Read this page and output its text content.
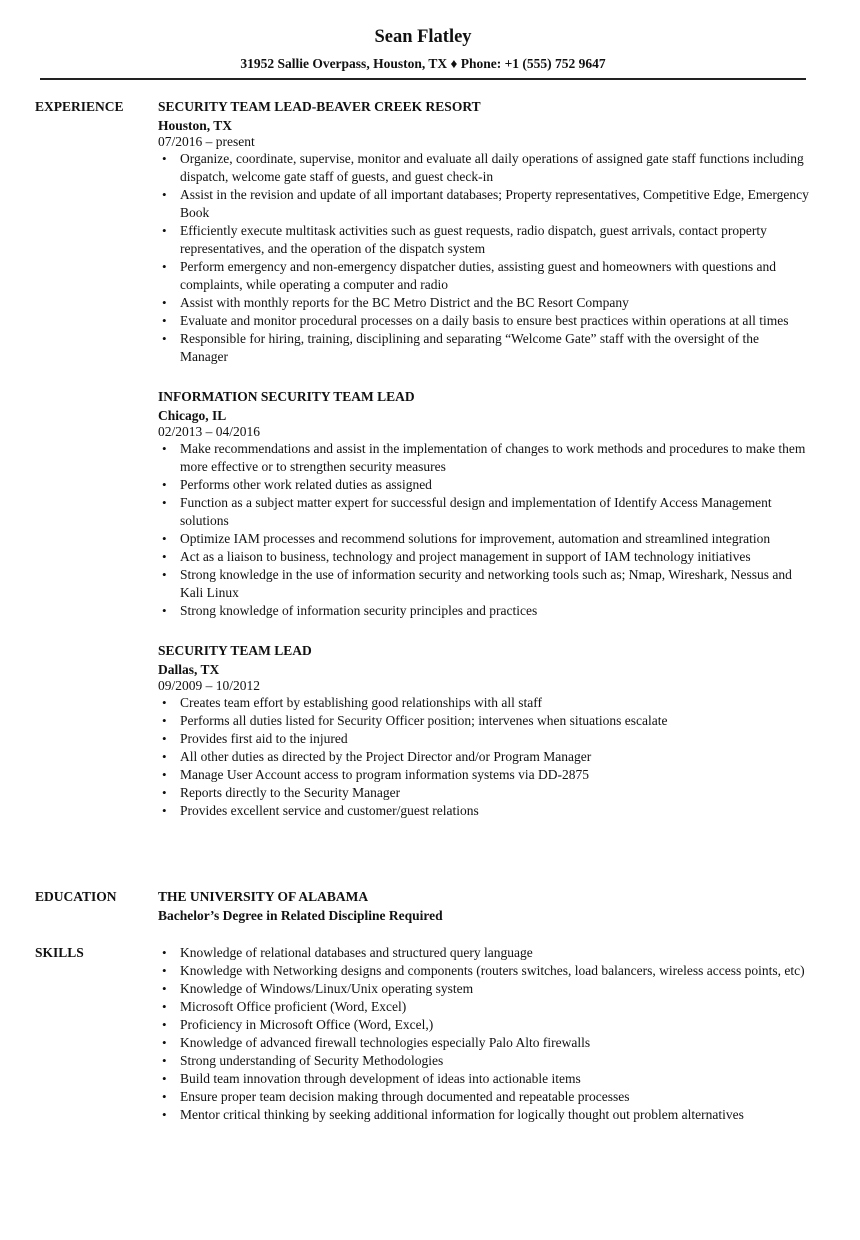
Sean Flatley
31952 Sallie Overpass, Houston, TX ♦ Phone: +1 (555) 752 9647
EXPERIENCE	SECURITY TEAM LEAD-BEAVER CREEK RESORT
Houston, TX
07/2016 – present
• Organize, coordinate, supervise, monitor and evaluate all daily operations of assigned gate staff functions including dispatch, welcome gate staff of guests, and guest check-in
• Assist in the revision and update of all important databases; Property representatives, Competitive Edge, Emergency Book
• Efficiently execute multitask activities such as guest requests, radio dispatch, guest arrivals, contact property representatives, and the operation of the dispatch system
• Perform emergency and non-emergency dispatcher duties, assisting guest and homeowners with questions and complaints, while operating a computer and radio
• Assist with monthly reports for the BC Metro District and the BC Resort Company
• Evaluate and monitor procedural processes on a daily basis to ensure best practices within operations at all times
• Responsible for hiring, training, disciplining and separating “Welcome Gate” staff with the oversight of the Manager
INFORMATION SECURITY TEAM LEAD
Chicago, IL
02/2013 – 04/2016
• Make recommendations and assist in the implementation of changes to work methods and procedures to make them more effective or to strengthen security measures
• Performs other work related duties as assigned
• Function as a subject matter expert for successful design and implementation of Identify Access Management solutions
• Optimize IAM processes and recommend solutions for improvement, automation and streamlined integration
• Act as a liaison to business, technology and project management in support of IAM technology initiatives
• Strong knowledge in the use of information security and networking tools such as; Nmap, Wireshark, Nessus and Kali Linux
• Strong knowledge of information security principles and practices
SECURITY TEAM LEAD
Dallas, TX
09/2009 – 10/2012
• Creates team effort by establishing good relationships with all staff
• Performs all duties listed for Security Officer position; intervenes when situations escalate
• Provides first aid to the injured
• All other duties as directed by the Project Director and/or Program Manager
• Manage User Account access to program information systems via DD-2875
• Reports directly to the Security Manager
• Provides excellent service and customer/guest relations
EDUCATION	THE UNIVERSITY OF ALABAMA
Bachelor’s Degree in Related Discipline Required
SKILLS
•	Knowledge of relational databases and structured query language
• Knowledge with Networking designs and components (routers switches, load balancers, wireless access points, etc)
• Knowledge of Windows/Linux/Unix operating system
• Microsoft Office proficient (Word, Excel)
• Proficiency in Microsoft Office (Word, Excel,)
• Knowledge of advanced firewall technologies especially Palo Alto firewalls
• Strong understanding of Security Methodologies
• Build team innovation through development of ideas into actionable items
• Ensure proper team decision making through documented and repeatable processes
• Mentor critical thinking by seeking additional information for logically thought out problem alternatives
